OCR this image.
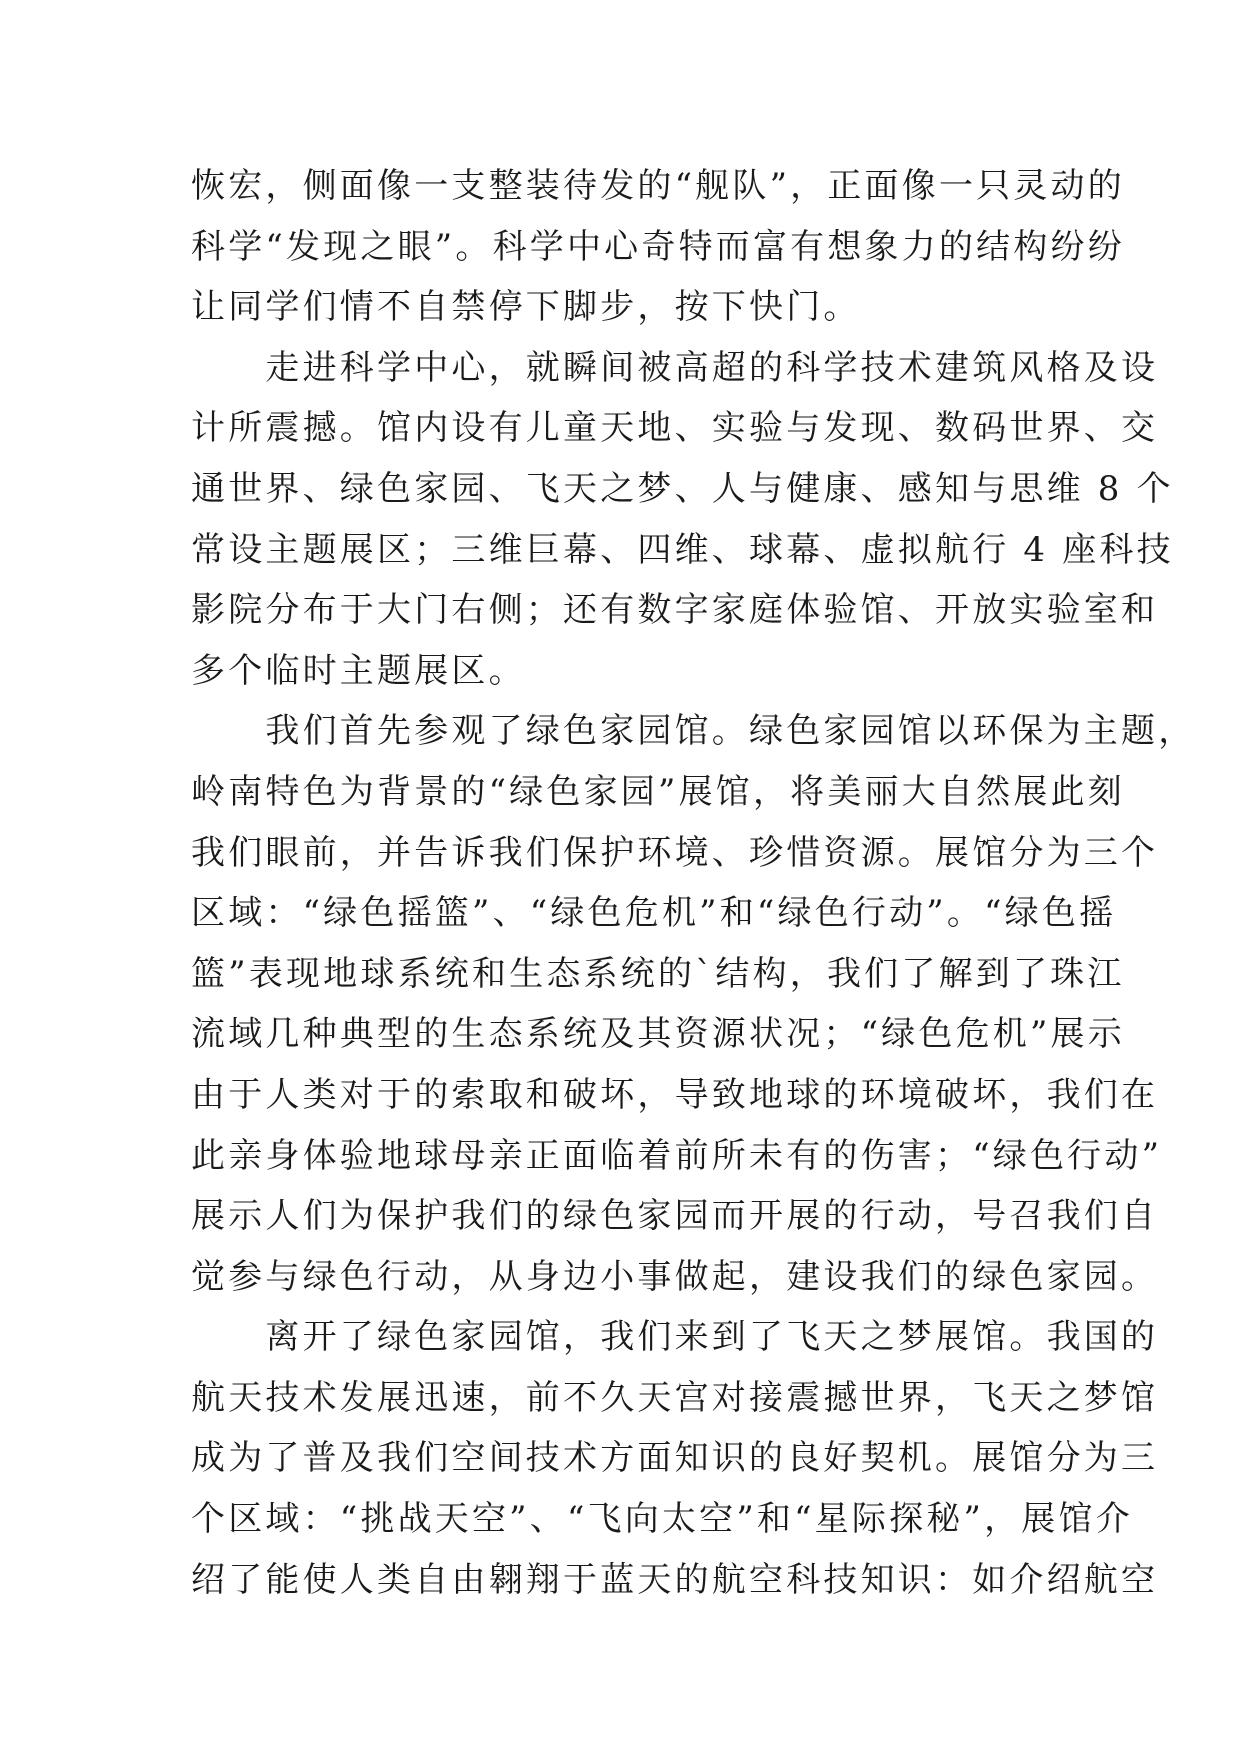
恢宏，侧面像一支整装待发的“舰队”，正面像一只灵动的
科学“发现之眼”。科学中心奇特而富有想象力的结构纷纷
让同学们情不自禁停下脚步，按下快门。
　　走进科学中心，就瞬间被高超的科学技术建筑风格及设
计所震撼。馆内设有儿童天地、实验与发现、数码世界、交
通世界、绿色家园、飞天之梦、人与健康、感知与思维 8 个
常设主题展区；三维巨幕、四维、球幕、虚拟航行 4 座科技
影院分布于大门右侧；还有数字家庭体验馆、开放实验室和
多个临时主题展区。
　　我们首先参观了绿色家园馆。绿色家园馆以环保为主题，
岭南特色为背景的“绿色家园”展馆，将美丽大自然展此刻
我们眼前，并告诉我们保护环境、珍惜资源。展馆分为三个
区域：“绿色摇篮”、“绿色危机”和“绿色行动”。“绿色摇
篮”表现地球系统和生态系统的`结构，我们了解到了珠江
流域几种典型的生态系统及其资源状况；“绿色危机”展示
由于人类对于的索取和破坏，导致地球的环境破坏，我们在
此亲身体验地球母亲正面临着前所未有的伤害；“绿色行动”
展示人们为保护我们的绿色家园而开展的行动，号召我们自
觉参与绿色行动，从身边小事做起，建设我们的绿色家园。
　　离开了绿色家园馆，我们来到了飞天之梦展馆。我国的
航天技术发展迅速，前不久天宫对接震撼世界，飞天之梦馆
成为了普及我们空间技术方面知识的良好契机。展馆分为三
个区域：“挑战天空”、“飞向太空”和“星际探秘”，展馆介
绍了能使人类自由翱翔于蓝天的航空科技知识：如介绍航空
